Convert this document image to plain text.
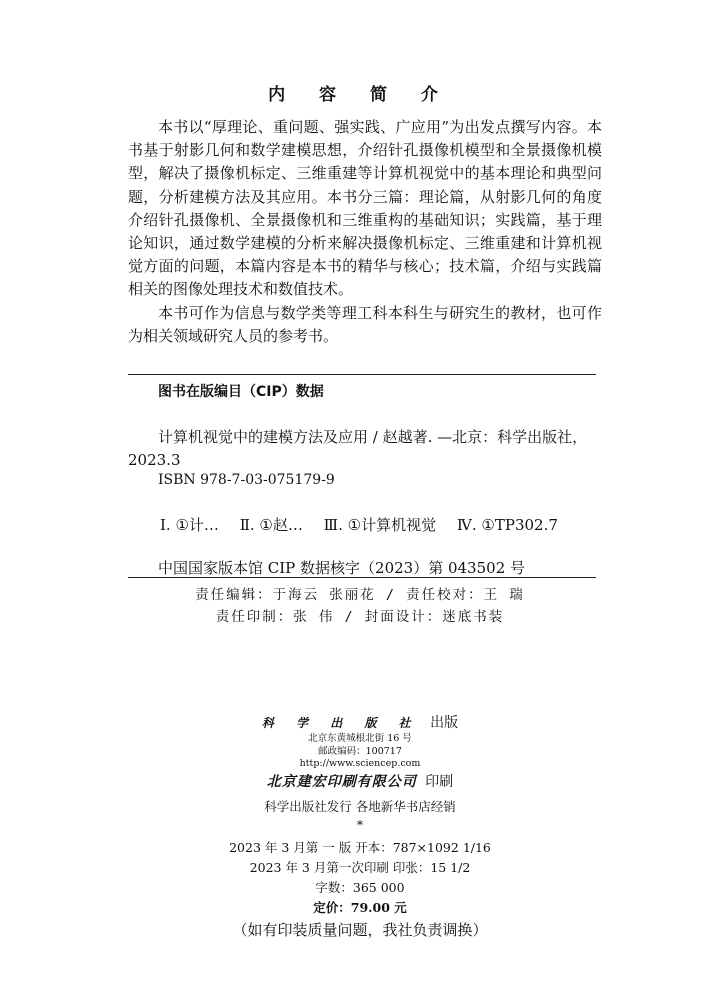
内 容 简 介

本书以“厚理论、重问题、强实践、广应用”为出发点撰写内容。本书基于射影几何和数学建模思想，介绍针孔摄像机模型和全景摄像机模型，解决了摄像机标定、三维重建等计算机视觉中的基本理论和典型问题，分析建模方法及其应用。本书分三篇：理论篇，从射影几何的角度介绍针孔摄像机、全景摄像机和三维重构的基础知识；实践篇，基于理论知识，通过数学建模的分析来解决摄像机标定、三维重建和计算机视觉方面的问题，本篇内容是本书的精华与核心；技术篇，介绍与实践篇相关的图像处理技术和数值技术。

本书可作为信息与数学类等理工科本科生与研究生的教材，也可作为相关领域研究人员的参考书。

图书在版编目（CIP）数据
计算机视觉中的建模方法及应用 / 赵越著. —北京：科学出版社，2023.3
ISBN 978-7-03-075179-9
Ⅰ. ①计… Ⅱ. ①赵… Ⅲ. ①计算机视觉 Ⅳ. ①TP302.7
中国国家版本馆 CIP 数据核字（2023）第 043502 号
责任编辑：于海云 张丽花 / 责任校对：王 瑞
责任印制：张 伟 / 封面设计：迷底书装
科 学 出 版 社 出版
北京东黄城根北街 16 号
邮政编码：100717
http://www.sciencep.com
北京建宏印刷有限公司 印刷
科学出版社发行 各地新华书店经销
*
2023 年 3 月第 一 版 开本：787×1092 1/16
2023 年 3 月第一次印刷 印张：15 1/2
字数：365 000
定价：79.00 元
（如有印装质量问题，我社负责调换）
